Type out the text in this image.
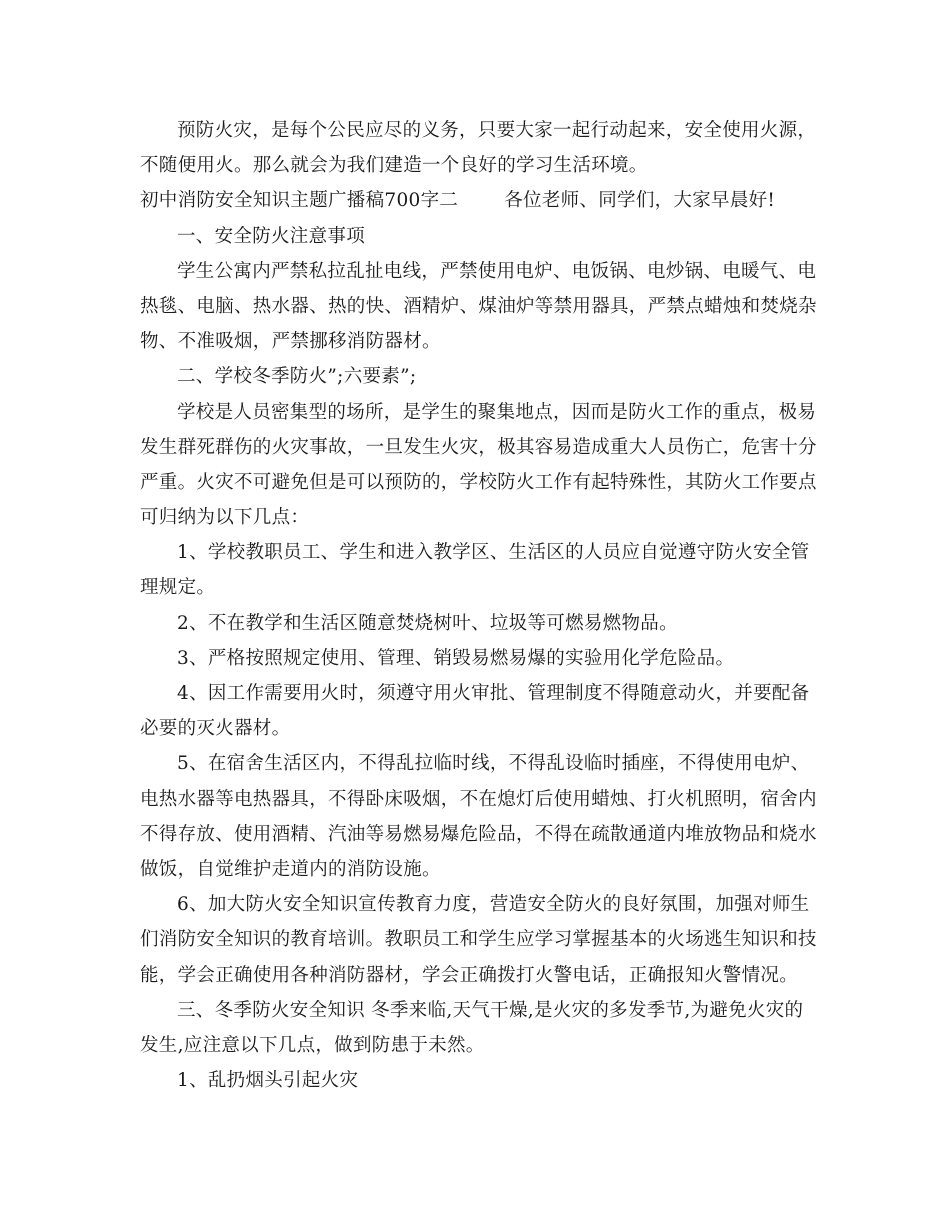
预防火灾，是每个公民应尽的义务，只要大家一起行动起来，安全使用火源，
不随便用火。那么就会为我们建造一个良好的学习生活环境。
初中消防安全知识主题广播稿700字二 各位老师、同学们，大家早晨好!
一、安全防火注意事项
学生公寓内严禁私拉乱扯电线，严禁使用电炉、电饭锅、电炒锅、电暖气、电
热毯、电脑、热水器、热的快、酒精炉、煤油炉等禁用器具，严禁点蜡烛和焚烧杂
物、不准吸烟，严禁挪移消防器材。
二、学校冬季防火”;六要素”;
学校是人员密集型的场所，是学生的聚集地点，因而是防火工作的重点，极易
发生群死群伤的火灾事故，一旦发生火灾，极其容易造成重大人员伤亡，危害十分
严重。火灾不可避免但是可以预防的，学校防火工作有起特殊性，其防火工作要点
可归纳为以下几点：
1、学校教职员工、学生和进入教学区、生活区的人员应自觉遵守防火安全管
理规定。
2、不在教学和生活区随意焚烧树叶、垃圾等可燃易燃物品。
3、严格按照规定使用、管理、销毁易燃易爆的实验用化学危险品。
4、因工作需要用火时，须遵守用火审批、管理制度不得随意动火，并要配备
必要的灭火器材。
5、在宿舍生活区内，不得乱拉临时线，不得乱设临时插座，不得使用电炉、
电热水器等电热器具，不得卧床吸烟，不在熄灯后使用蜡烛、打火机照明，宿舍内
不得存放、使用酒精、汽油等易燃易爆危险品，不得在疏散通道内堆放物品和烧水
做饭，自觉维护走道内的消防设施。
6、加大防火安全知识宣传教育力度，营造安全防火的良好氛围，加强对师生
们消防安全知识的教育培训。教职员工和学生应学习掌握基本的火场逃生知识和技
能，学会正确使用各种消防器材，学会正确拨打火警电话，正确报知火警情况。
三、冬季防火安全知识 冬季来临,天气干燥,是火灾的多发季节,为避免火灾的
发生,应注意以下几点，做到防患于未然。
1、乱扔烟头引起火灾
